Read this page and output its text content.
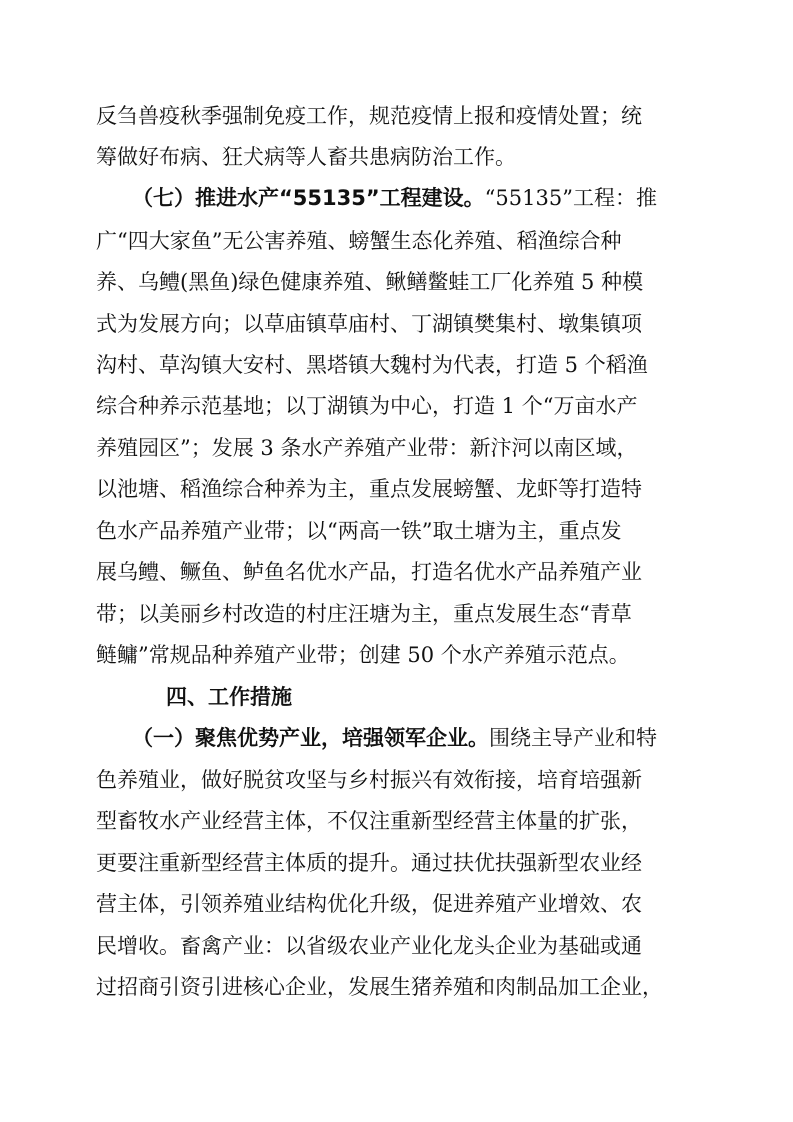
反刍兽疫秋季强制免疫工作，规范疫情上报和疫情处置；统
筹做好布病、狂犬病等人畜共患病防治工作。
（七）推进水产“55135”工程建设。“55135”工程：推
广“四大家鱼”无公害养殖、螃蟹生态化养殖、稻渔综合种
养、乌鳢(黑鱼)绿色健康养殖、鳅鳝鳖蛙工厂化养殖 5 种模
式为发展方向；以草庙镇草庙村、丁湖镇樊集村、墩集镇项
沟村、草沟镇大安村、黑塔镇大魏村为代表，打造 5 个稻渔
综合种养示范基地；以丁湖镇为中心，打造 1 个“万亩水产
养殖园区”；发展 3 条水产养殖产业带：新汴河以南区域，
以池塘、稻渔综合种养为主，重点发展螃蟹、龙虾等打造特
色水产品养殖产业带；以“两高一铁”取土塘为主，重点发
展乌鳢、鳜鱼、鲈鱼名优水产品，打造名优水产品养殖产业
带；以美丽乡村改造的村庄汪塘为主，重点发展生态“青草
鲢鳙”常规品种养殖产业带；创建 50 个水产养殖示范点。
四、工作措施
（一）聚焦优势产业，培强领军企业。围绕主导产业和特
色养殖业，做好脱贫攻坚与乡村振兴有效衔接，培育培强新
型畜牧水产业经营主体，不仅注重新型经营主体量的扩张，
更要注重新型经营主体质的提升。通过扶优扶强新型农业经
营主体，引领养殖业结构优化升级，促进养殖产业增效、农
民增收。畜禽产业：以省级农业产业化龙头企业为基础或通
过招商引资引进核心企业，发展生猪养殖和肉制品加工企业，
